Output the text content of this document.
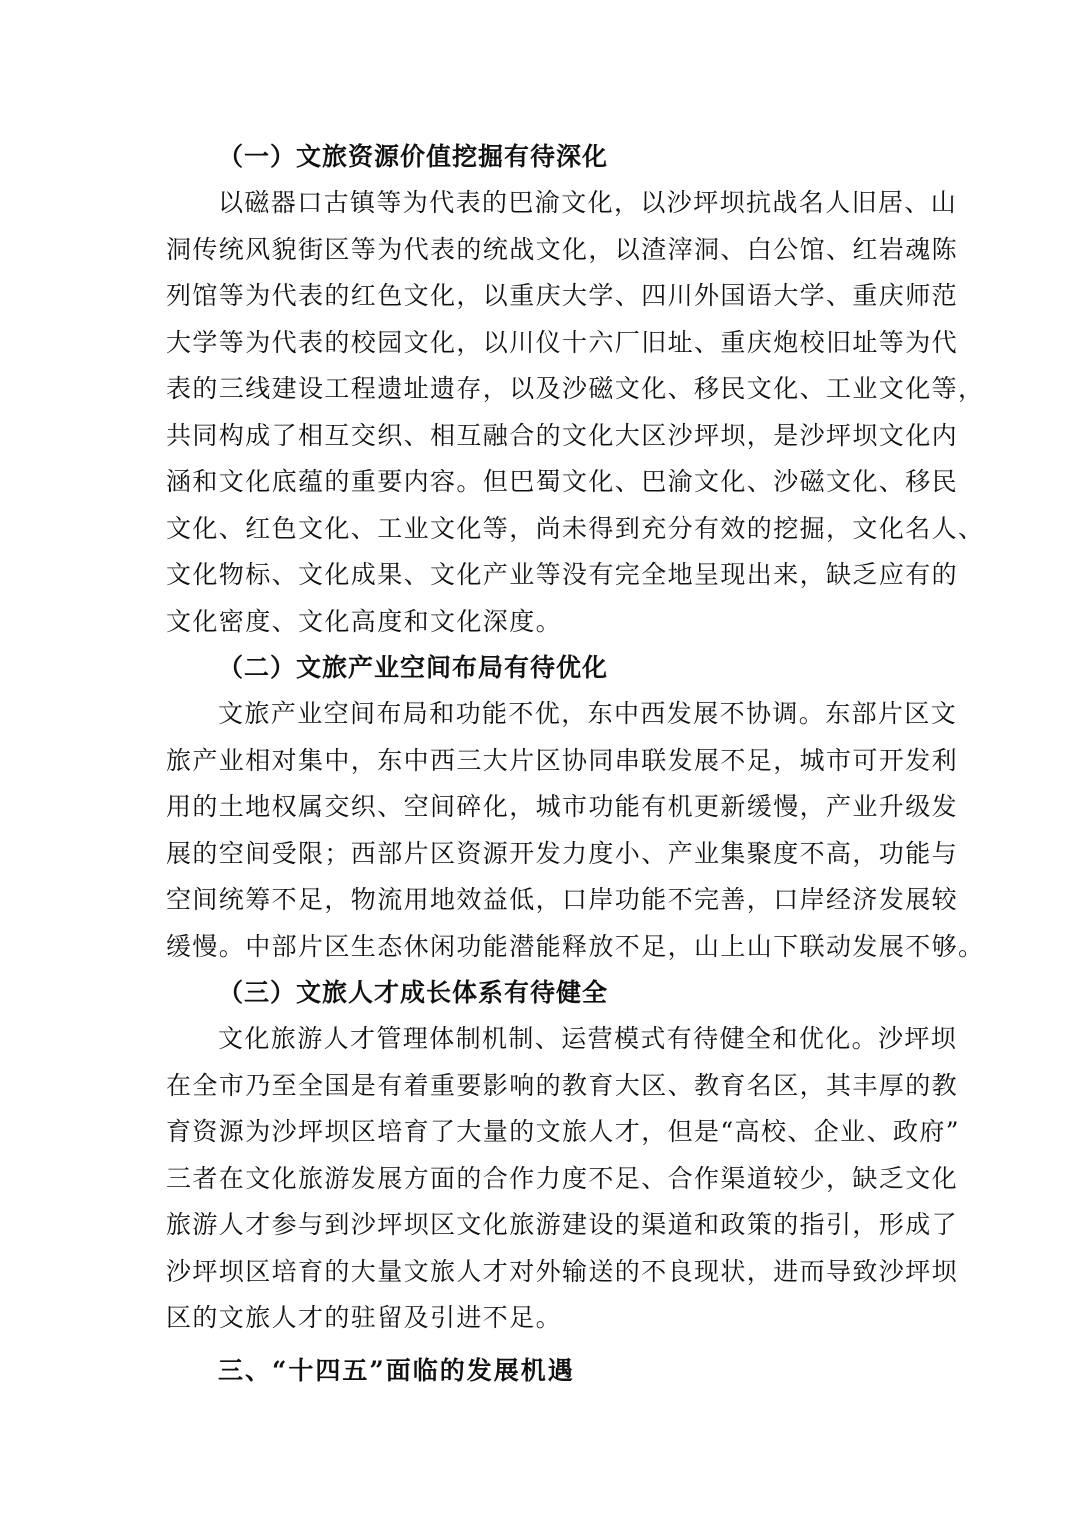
（一）文旅资源价值挖掘有待深化

以磁器口古镇等为代表的巴渝文化，以沙坪坝抗战名人旧居、山
洞传统风貌街区等为代表的统战文化，以渣滓洞、白公馆、红岩魂陈
列馆等为代表的红色文化，以重庆大学、四川外国语大学、重庆师范
大学等为代表的校园文化，以川仪十六厂旧址、重庆炮校旧址等为代
表的三线建设工程遗址遗存，以及沙磁文化、移民文化、工业文化等，
共同构成了相互交织、相互融合的文化大区沙坪坝，是沙坪坝文化内
涵和文化底蕴的重要内容。但巴蜀文化、巴渝文化、沙磁文化、移民
文化、红色文化、工业文化等，尚未得到充分有效的挖掘，文化名人、
文化物标、文化成果、文化产业等没有完全地呈现出来，缺乏应有的
文化密度、文化高度和文化深度。

（二）文旅产业空间布局有待优化

文旅产业空间布局和功能不优，东中西发展不协调。东部片区文
旅产业相对集中，东中西三大片区协同串联发展不足，城市可开发利
用的土地权属交织、空间碎化，城市功能有机更新缓慢，产业升级发
展的空间受限；西部片区资源开发力度小、产业集聚度不高，功能与
空间统筹不足，物流用地效益低，口岸功能不完善，口岸经济发展较
缓慢。中部片区生态休闲功能潜能释放不足，山上山下联动发展不够。

（三）文旅人才成长体系有待健全

文化旅游人才管理体制机制、运营模式有待健全和优化。沙坪坝
在全市乃至全国是有着重要影响的教育大区、教育名区，其丰厚的教
育资源为沙坪坝区培育了大量的文旅人才，但是“高校、企业、政府”
三者在文化旅游发展方面的合作力度不足、合作渠道较少，缺乏文化
旅游人才参与到沙坪坝区文化旅游建设的渠道和政策的指引，形成了
沙坪坝区培育的大量文旅人才对外输送的不良现状，进而导致沙坪坝
区的文旅人才的驻留及引进不足。

三、“十四五”面临的发展机遇
